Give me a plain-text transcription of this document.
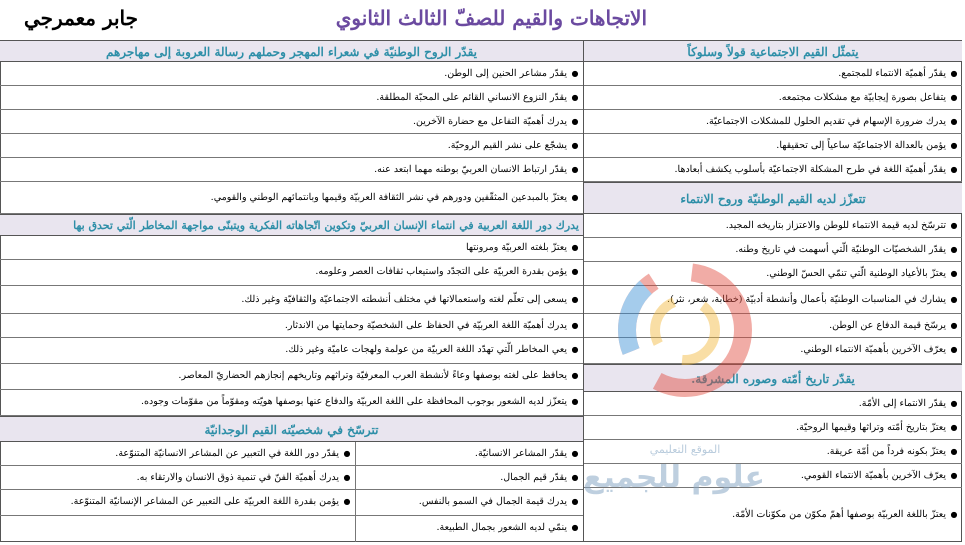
الاتجاهات والقيم للصفّ الثالث الثانوي
جابر معمرجي
يتمثّل القيم الاجتماعية قولاً وسلوكاً
●يقدّر أهميّة الانتماء للمجتمع.
●يتفاعل بصورة إيجابيّة مع مشكلات مجتمعه.
●يدرك ضرورة الإسهام في تقديم الحلول للمشكلات الاجتماعيّة.
●يؤمن بالعدالة الاجتماعيّة ساعياً إلى تحقيقها.
●يقدّر أهميّة اللغة في طرح المشكلة الاجتماعيّة بأسلوب يكشف أبعادها.
تتعزّز لديه القيم الوطنيّة وروح الانتماء
●تترسّخ لديه قيمة الانتماء للوطن والاعتزاز بتاريخه المجيد.
●يقدّر الشخصيّات الوطنيّة الّتي أسهمت في تاريخ وطنه.
●يعتزّ بالأعياد الوطنية الّتي تنمّي الحسّ الوطني.
●يشارك في المناسبات الوطنيّة بأعمال وأنشطة أدبيّة (خطابة، شعر، نثر).
●يرسّخ قيمة الدفاع عن الوطن.
●يعرّف الآخرين بأهميّة الانتماء الوطني.
يقدّر تاريخ أمّته وصوره المشرقة.
●يقدّر الانتماء إلى الأمّة.
●يعتزّ بتاريخ أمّته وتراثها وقيمها الروحيّة.
●يعتزّ بكونه فرداً من أمّة عريقة.
●يعرّف الآخرين بأهميّة الانتماء القومي.
●يعتزّ باللغة العربيّة بوصفها أهمّ مكوّن من مكوّنات الأمّة.
يقدّر الروح الوطنيّة في شعراء المهجر وحملهم رسالة العروبة إلى مهاجرهم
●يقدّر مشاعر الحنين إلى الوطن.
●يقدّر النزوع الانساني القائم على المحبّة المطلقة.
●يدرك أهميّة التفاعل مع حضارة الآخرين.
●يشجّع على نشر القيم الروحيّة.
●يقدّر ارتباط الانسان العربيّ بوطنه مهما ابتعد عنه.
●يعتزّ بالمبدعين المثقّفين ودورهم في نشر الثقافة العربيّة وقيمها وبانتمائهم الوطني والقومي.
يدرك دور اللغة العربية في انتماء الإنسان العربيّ وتكوين اتّجاهاته الفكرية ويتبنّى مواجهة المخاطر الّتي تحدق بها
●يعتزّ بلغته العربيّة ومرونتها
●يؤمن بقدرة العربيّة على التجدّد واستيعاب ثقافات العصر وعلومه.
●يسعى إلى تعلّم لغته واستعمالاتها في مختلف أنشطته الاجتماعيّة والثقافيّة وغير ذلك.
●يدرك أهميّة اللغة العربيّة في الحفاظ على الشخصيّة وحمايتها من الاندثار.
●يعي المخاطر الّتي تهدّد اللغة العربيّة من عولمة ولهجات عاميّة وغير ذلك.
●يحافظ على لغته بوصفها وعاءً لأنشطة العرب المعرفيّة وتراثهم وتاريخهم إنجازهم الحضاريّ المعاصر.
●يتعزّز لديه الشعور بوجوب المحافظة على اللغة العربيّة والدفاع عنها بوصفها هويّته ومقوّماً من مقوّمات وجوده.
تترسّخ في شخصيّته القيم الوجدانيّة
●يقدّر المشاعر الانسانيّة.
●يقدّر قيم الجمال.
●يدرك قيمة الجمال في السمو بالنفس.
●ينمّي لديه الشعور بجمال الطبيعة.
●يقدّر دور اللغة في التعبير عن المشاعر الانسانيّة المتنوّعة.
●يدرك أهميّة الفنّ في تنمية ذوق الانسان والارتقاء به.
●يؤمن بقدرة اللغة العربيّة على التعبير عن المشاعر الإنسانيّة المتنوّعة.
الموقع التعليمي
علوم للجميع
